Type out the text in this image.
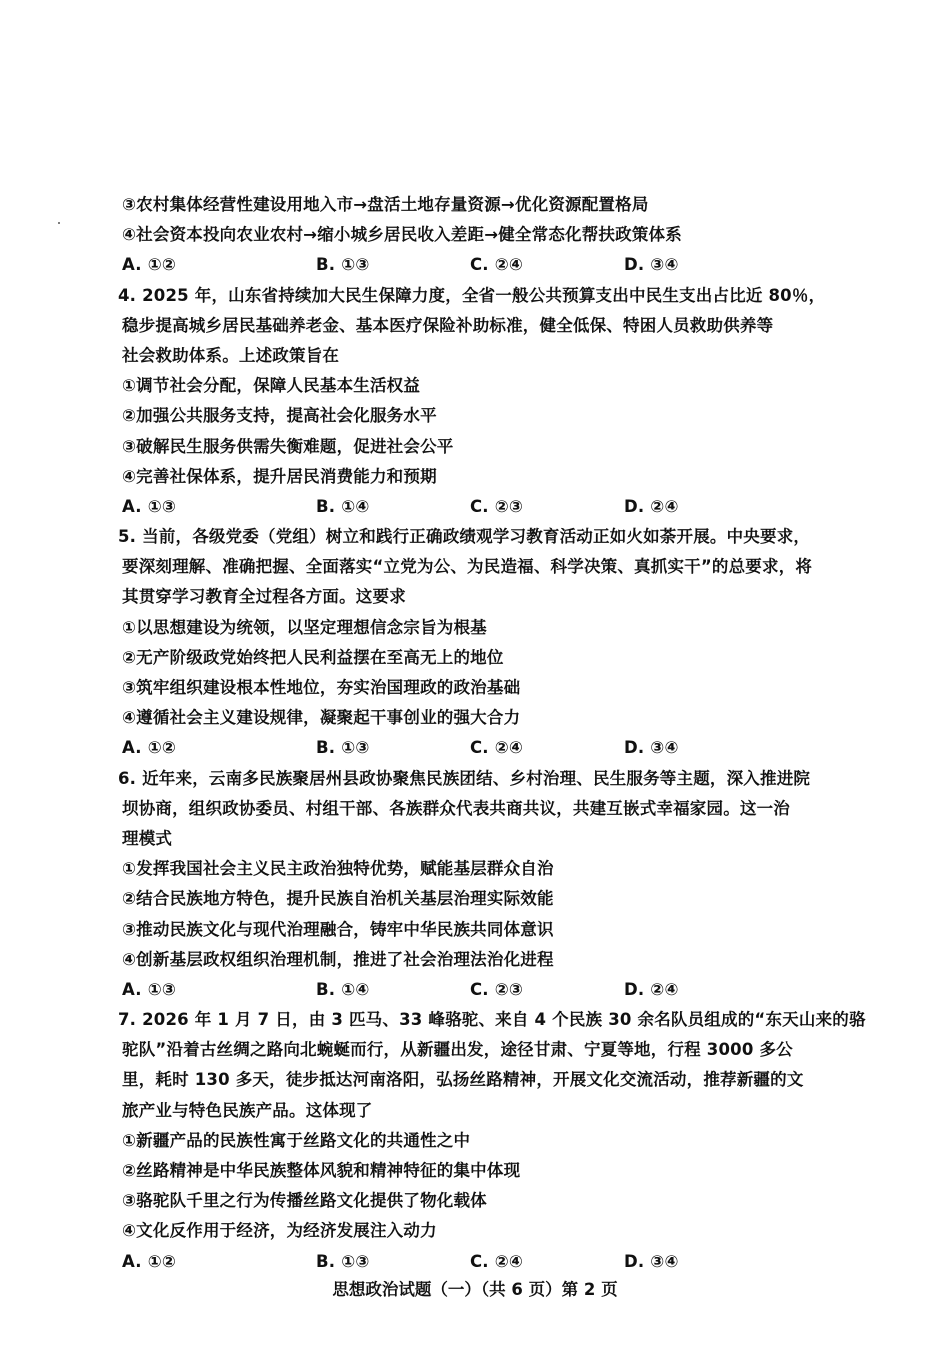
③农村集体经营性建设用地入市→盘活土地存量资源→优化资源配置格局
④社会资本投向农业农村→缩小城乡居民收入差距→健全常态化帮扶政策体系
A. ①②	B. ①③	C. ②④	D. ③④
4. 2025 年，山东省持续加大民生保障力度，全省一般公共预算支出中民生支出占比近 80％，
稳步提高城乡居民基础养老金、基本医疗保险补助标准，健全低保、特困人员救助供养等
社会救助体系。上述政策旨在
①调节社会分配，保障人民基本生活权益
②加强公共服务支持，提高社会化服务水平
③破解民生服务供需失衡难题，促进社会公平
④完善社保体系，提升居民消费能力和预期
A. ①③	B. ①④	C. ②③	D. ②④
5. 当前，各级党委（党组）树立和践行正确政绩观学习教育活动正如火如荼开展。中央要求，
要深刻理解、准确把握、全面落实“立党为公、为民造福、科学决策、真抓实干”的总要求，将
其贯穿学习教育全过程各方面。这要求
①以思想建设为统领，以坚定理想信念宗旨为根基
②无产阶级政党始终把人民利益摆在至高无上的地位
③筑牢组织建设根本性地位，夯实治国理政的政治基础
④遵循社会主义建设规律，凝聚起干事创业的强大合力
A. ①②	B. ①③	C. ②④	D. ③④
6. 近年来，云南多民族聚居州县政协聚焦民族团结、乡村治理、民生服务等主题，深入推进院
坝协商，组织政协委员、村组干部、各族群众代表共商共议，共建互嵌式幸福家园。这一治
理模式
①发挥我国社会主义民主政治独特优势，赋能基层群众自治
②结合民族地方特色，提升民族自治机关基层治理实际效能
③推动民族文化与现代治理融合，铸牢中华民族共同体意识
④创新基层政权组织治理机制，推进了社会治理法治化进程
A. ①③	B. ①④	C. ②③	D. ②④
7. 2026 年 1 月 7 日，由 3 匹马、33 峰骆驼、来自 4 个民族 30 余名队员组成的“东天山来的骆
驼队”沿着古丝绸之路向北蜿蜒而行，从新疆出发，途径甘肃、宁夏等地，行程 3000 多公
里，耗时 130 多天，徒步抵达河南洛阳，弘扬丝路精神，开展文化交流活动，推荐新疆的文
旅产业与特色民族产品。这体现了
①新疆产品的民族性寓于丝路文化的共通性之中
②丝路精神是中华民族整体风貌和精神特征的集中体现
③骆驼队千里之行为传播丝路文化提供了物化载体
④文化反作用于经济，为经济发展注入动力
A. ①②	B. ①③	C. ②④	D. ③④
思想政治试题（一）（共 6 页）第 2 页
